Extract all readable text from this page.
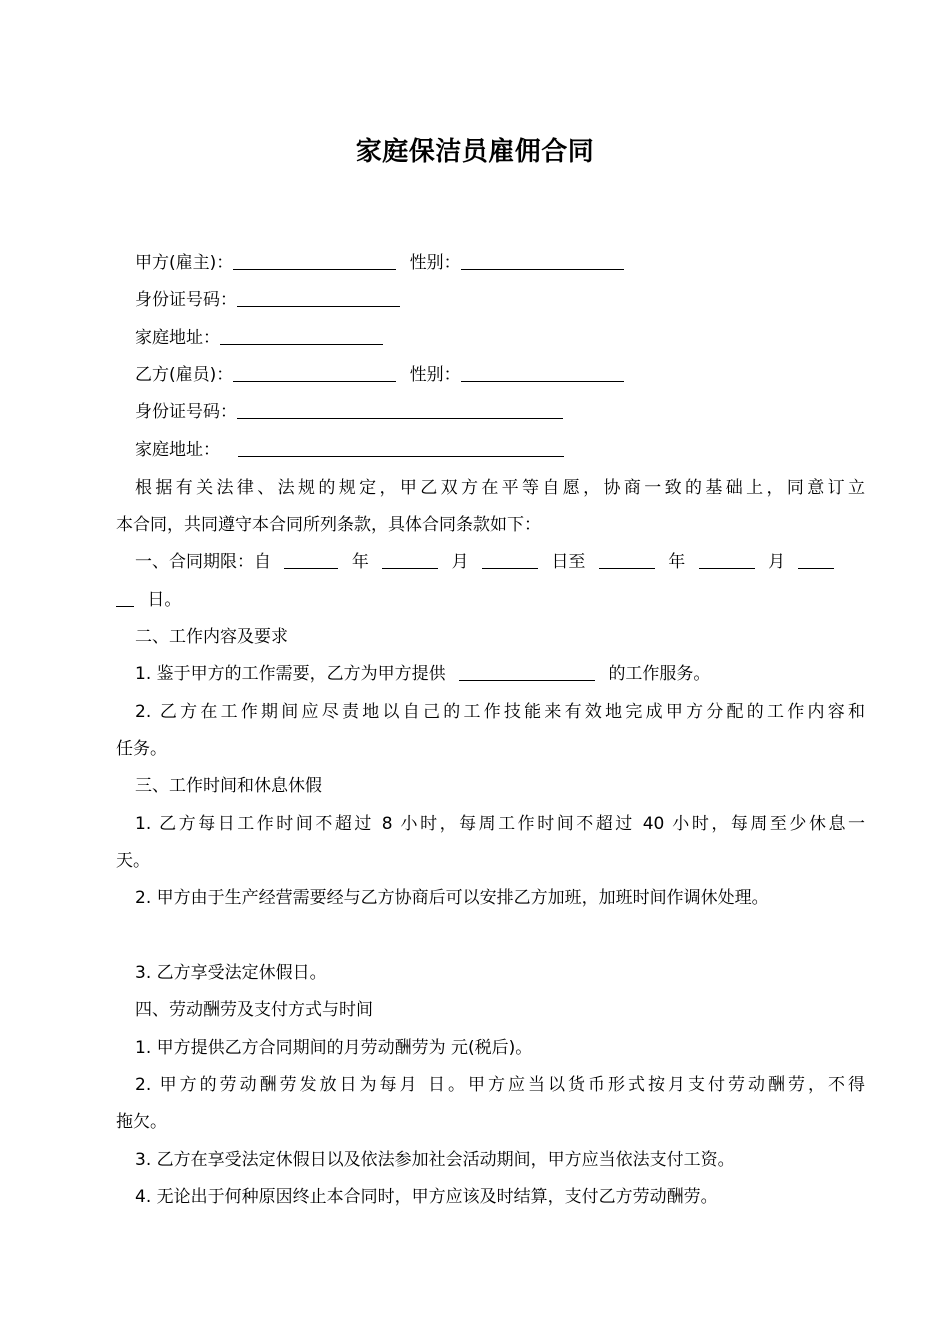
家庭保洁员雇佣合同
甲方(雇主)：	性别：
身份证号码：
家庭地址：
乙方(雇员)：	性别：
身份证号码：
家庭地址：
根据有关法律、法规的规定，甲乙双方在平等自愿，协商一致的基础上，同意订立
本合同，共同遵守本合同所列条款，具体合同条款如下：
一、合同期限：自	年	月	日至	年	月
日。
二、工作内容及要求
1. 鉴于甲方的工作需要，乙方为甲方提供	的工作服务。
2. 乙方在工作期间应尽责地以自己的工作技能来有效地完成甲方分配的工作内容和
任务。
三、工作时间和休息休假
1. 乙方每日工作时间不超过 8 小时，每周工作时间不超过 40 小时，每周至少休息一
天。
2. 甲方由于生产经营需要经与乙方协商后可以安排乙方加班，加班时间作调休处理。
3. 乙方享受法定休假日。
四、劳动酬劳及支付方式与时间
1. 甲方提供乙方合同期间的月劳动酬劳为 元(税后)。
2. 甲方的劳动酬劳发放日为每月 日。甲方应当以货币形式按月支付劳动酬劳，不得
拖欠。
3. 乙方在享受法定休假日以及依法参加社会活动期间，甲方应当依法支付工资。
4. 无论出于何种原因终止本合同时，甲方应该及时结算，支付乙方劳动酬劳。
